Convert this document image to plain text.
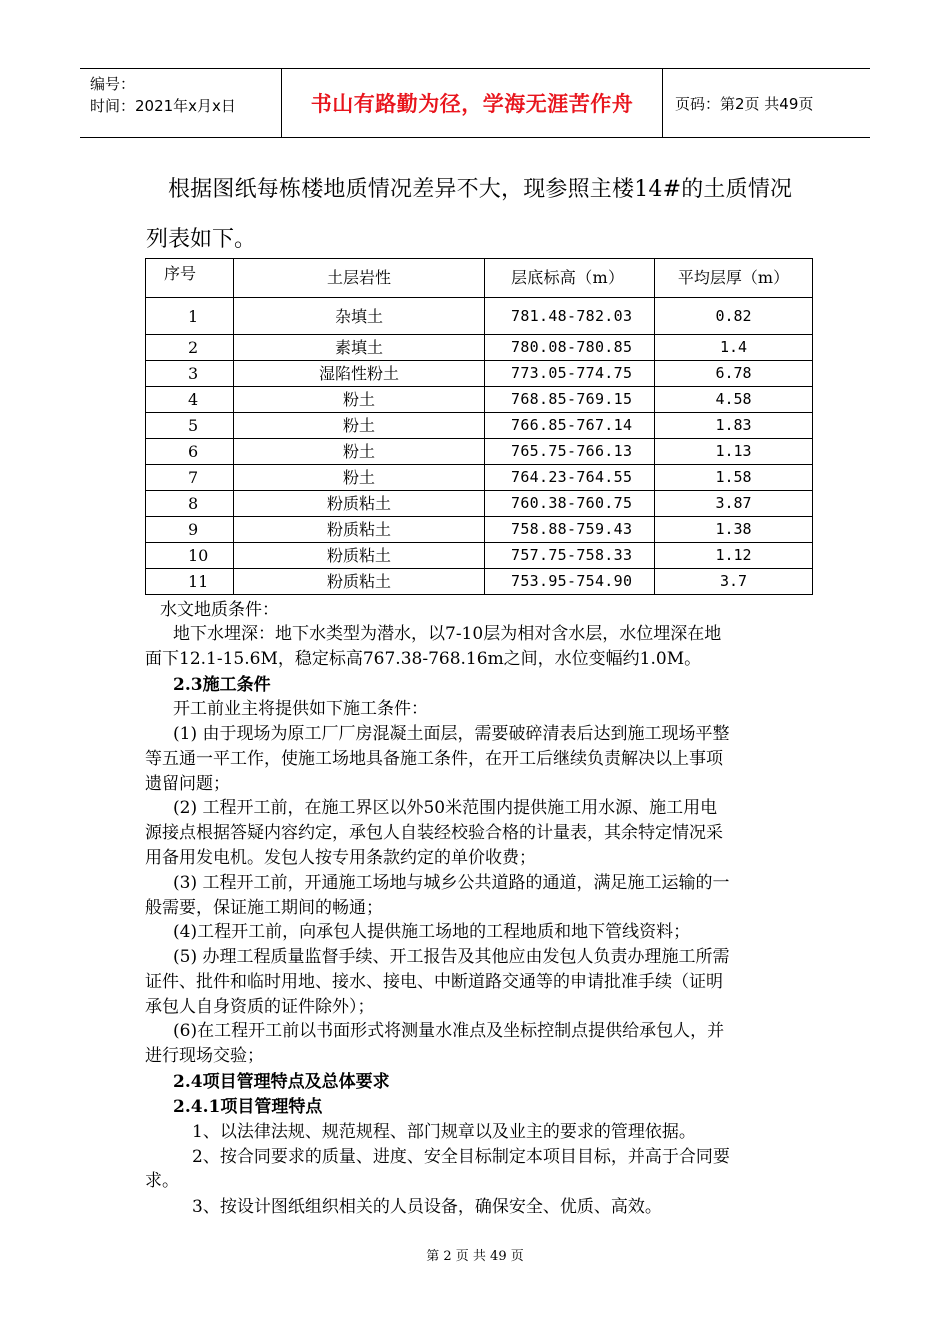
编号：
时间：2021年x月x日	书山有路勤为径，学海无涯苦作舟	页码：第2页 共49页
根据图纸每栋楼地质情况差异不大，现参照主楼14#的土质情况
列表如下。
序号	土层岩性	层底标高（m）	平均层厚（m）
1	杂填土	781.48-782.03	0.82
2	素填土	780.08-780.85	1.4
3	湿陷性粉土	773.05-774.75	6.78
4	粉土	768.85-769.15	4.58
5	粉土	766.85-767.14	1.83
6	粉土	765.75-766.13	1.13
7	粉土	764.23-764.55	1.58
8	粉质粘土	760.38-760.75	3.87
9	粉质粘土	758.88-759.43	1.38
10	粉质粘土	757.75-758.33	1.12
11	粉质粘土	753.95-754.90	3.7
水文地质条件：
地下水埋深：地下水类型为潜水，以7-10层为相对含水层，水位埋深在地
面下12.1-15.6M，稳定标高767.38-768.16m之间，水位变幅约1.0M。
2.3施工条件
开工前业主将提供如下施工条件：
(1) 由于现场为原工厂厂房混凝土面层，需要破碎清表后达到施工现场平整
等五通一平工作，使施工场地具备施工条件，在开工后继续负责解决以上事项
遗留问题；
(2) 工程开工前，在施工界区以外50米范围内提供施工用水源、施工用电
源接点根据答疑内容约定，承包人自装经校验合格的计量表，其余特定情况采
用备用发电机。发包人按专用条款约定的单价收费；
(3) 工程开工前，开通施工场地与城乡公共道路的通道，满足施工运输的一
般需要，保证施工期间的畅通；
(4)工程开工前，向承包人提供施工场地的工程地质和地下管线资料；
(5) 办理工程质量监督手续、开工报告及其他应由发包人负责办理施工所需
证件、批件和临时用地、接水、接电、中断道路交通等的申请批准手续（证明
承包人自身资质的证件除外）；
(6)在工程开工前以书面形式将测量水准点及坐标控制点提供给承包人，并
进行现场交验；
2.4项目管理特点及总体要求
2.4.1项目管理特点
1、以法律法规、规范规程、部门规章以及业主的要求的管理依据。
2、按合同要求的质量、进度、安全目标制定本项目目标，并高于合同要
求。
3、按设计图纸组织相关的人员设备，确保安全、优质、高效。
第 2 页 共 49 页
